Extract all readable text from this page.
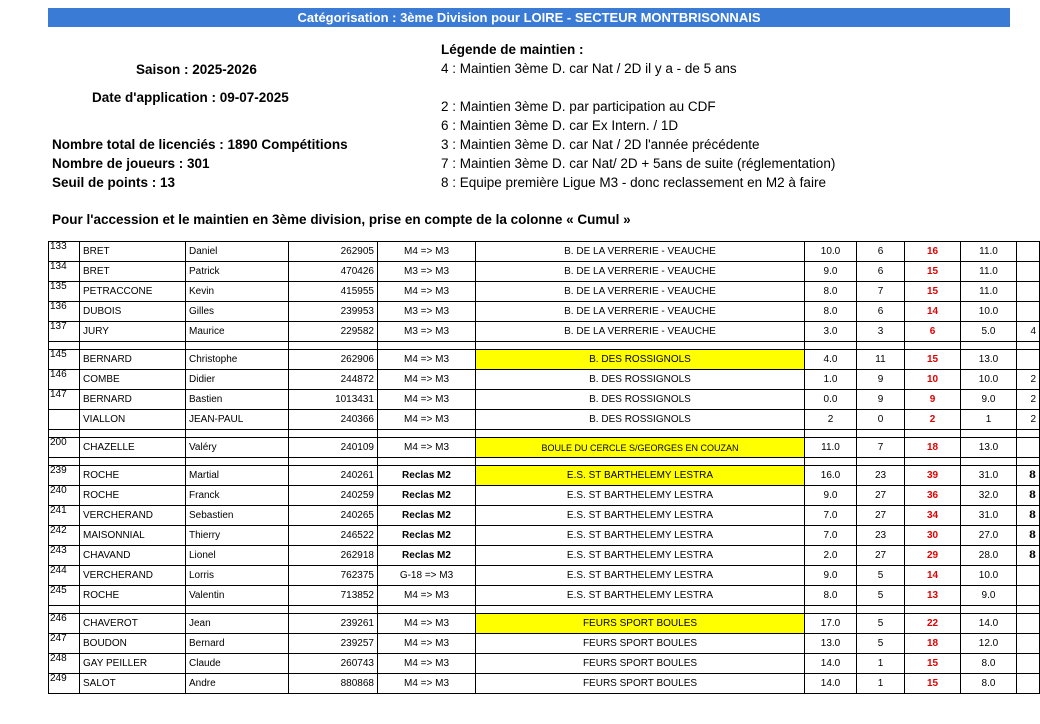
Catégorisation : 3ème Division pour LOIRE - SECTEUR MONTBRISONNAIS
Saison : 2025-2026
Date d'application : 09-07-2025
Nombre total de licenciés : 1890 Compétitions
Nombre de joueurs : 301
Seuil de points : 13
Légende de maintien :
4 : Maintien 3ème D. car Nat / 2D il y a - de 5 ans
2 : Maintien 3ème D. par participation au CDF
6 : Maintien 3ème D. car Ex Intern. / 1D
3 : Maintien 3ème D. car Nat / 2D l'année précédente
7 : Maintien 3ème D. car Nat/ 2D + 5ans de suite (réglementation)
8 : Equipe première Ligue M3 - donc reclassement en M2 à faire
Pour l'accession et le maintien en 3ème division, prise en compte de la colonne « Cumul »
133	BRET	Daniel	262905	M4 => M3	B. DE LA VERRERIE - VEAUCHE	10.0	6	16	11.0	
134	BRET	Patrick	470426	M3 => M3	B. DE LA VERRERIE - VEAUCHE	9.0	6	15	11.0	
135	PETRACCONE	Kevin	415955	M4 => M3	B. DE LA VERRERIE - VEAUCHE	8.0	7	15	11.0	
136	DUBOIS	Gilles	239953	M3 => M3	B. DE LA VERRERIE - VEAUCHE	8.0	6	14	10.0	
137	JURY	Maurice	229582	M3 => M3	B. DE LA VERRERIE - VEAUCHE	3.0	3	6	5.0	4

145	BERNARD	Christophe	262906	M4 => M3	B. DES ROSSIGNOLS	4.0	11	15	13.0	
146	COMBE	Didier	244872	M4 => M3	B. DES ROSSIGNOLS	1.0	9	10	10.0	2
147	BERNARD	Bastien	1013431	M4 => M3	B. DES ROSSIGNOLS	0.0	9	9	9.0	2
	VIALLON	JEAN-PAUL	240366	M4 => M3	B. DES ROSSIGNOLS	2	0	2	1	2

200	CHAZELLE	Valéry	240109	M4 => M3	BOULE DU CERCLE S/GEORGES EN COUZAN	11.0	7	18	13.0	

239	ROCHE	Martial	240261	Reclas M2	E.S. ST BARTHELEMY LESTRA	16.0	23	39	31.0	8
240	ROCHE	Franck	240259	Reclas M2	E.S. ST BARTHELEMY LESTRA	9.0	27	36	32.0	8
241	VERCHERAND	Sebastien	240265	Reclas M2	E.S. ST BARTHELEMY LESTRA	7.0	27	34	31.0	8
242	MAISONNIAL	Thierry	246522	Reclas M2	E.S. ST BARTHELEMY LESTRA	7.0	23	30	27.0	8
243	CHAVAND	Lionel	262918	Reclas M2	E.S. ST BARTHELEMY LESTRA	2.0	27	29	28.0	8
244	VERCHERAND	Lorris	762375	G-18 => M3	E.S. ST BARTHELEMY LESTRA	9.0	5	14	10.0	
245	ROCHE	Valentin	713852	M4 => M3	E.S. ST BARTHELEMY LESTRA	8.0	5	13	9.0	

246	CHAVEROT	Jean	239261	M4 => M3	FEURS SPORT BOULES	17.0	5	22	14.0	
247	BOUDON	Bernard	239257	M4 => M3	FEURS SPORT BOULES	13.0	5	18	12.0	
248	GAY PEILLER	Claude	260743	M4 => M3	FEURS SPORT BOULES	14.0	1	15	8.0	
249	SALOT	Andre	880868	M4 => M3	FEURS SPORT BOULES	14.0	1	15	8.0	
